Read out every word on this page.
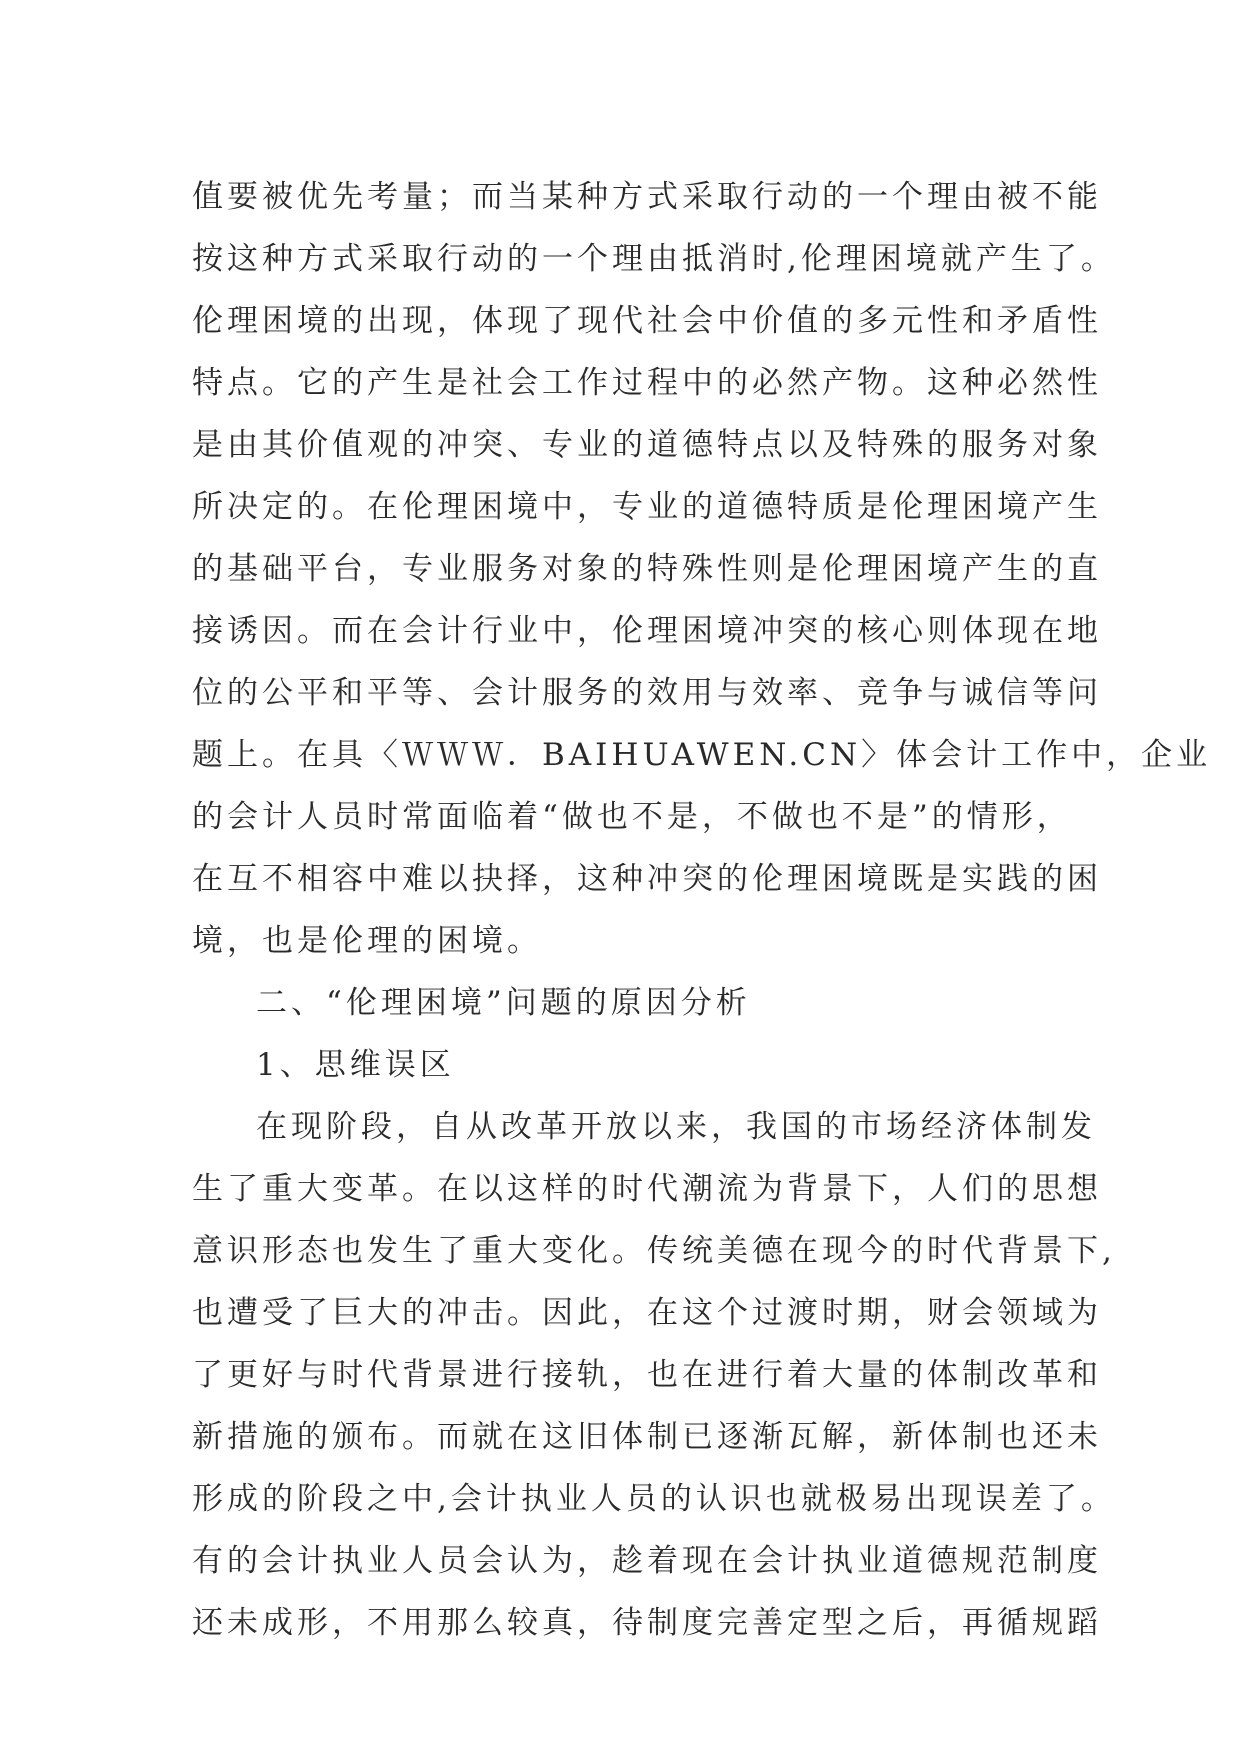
值要被优先考量；而当某种方式采取行动的一个理由被不能
按这种方式采取行动的一个理由抵消时,伦理困境就产生了。
伦理困境的出现，体现了现代社会中价值的多元性和矛盾性
特点。它的产生是社会工作过程中的必然产物。这种必然性
是由其价值观的冲突、专业的道德特点以及特殊的服务对象
所决定的。在伦理困境中，专业的道德特质是伦理困境产生
的基础平台，专业服务对象的特殊性则是伦理困境产生的直
接诱因。而在会计行业中，伦理困境冲突的核心则体现在地
位的公平和平等、会计服务的效用与效率、竞争与诚信等问
题上。在具〈ＷＷＷ．BAIHUAWEN.CN〉体会计工作中，企业
的会计人员时常面临着“做也不是，不做也不是”的情形，
在互不相容中难以抉择，这种冲突的伦理困境既是实践的困
境，也是伦理的困境。
二、“伦理困境”问题的原因分析
1、思维误区
在现阶段，自从改革开放以来，我国的市场经济体制发
生了重大变革。在以这样的时代潮流为背景下，人们的思想
意识形态也发生了重大变化。传统美德在现今的时代背景下,
也遭受了巨大的冲击。因此，在这个过渡时期，财会领域为
了更好与时代背景进行接轨，也在进行着大量的体制改革和
新措施的颁布。而就在这旧体制已逐渐瓦解，新体制也还未
形成的阶段之中,会计执业人员的认识也就极易出现误差了。
有的会计执业人员会认为，趁着现在会计执业道德规范制度
还未成形，不用那么较真，待制度完善定型之后，再循规蹈
